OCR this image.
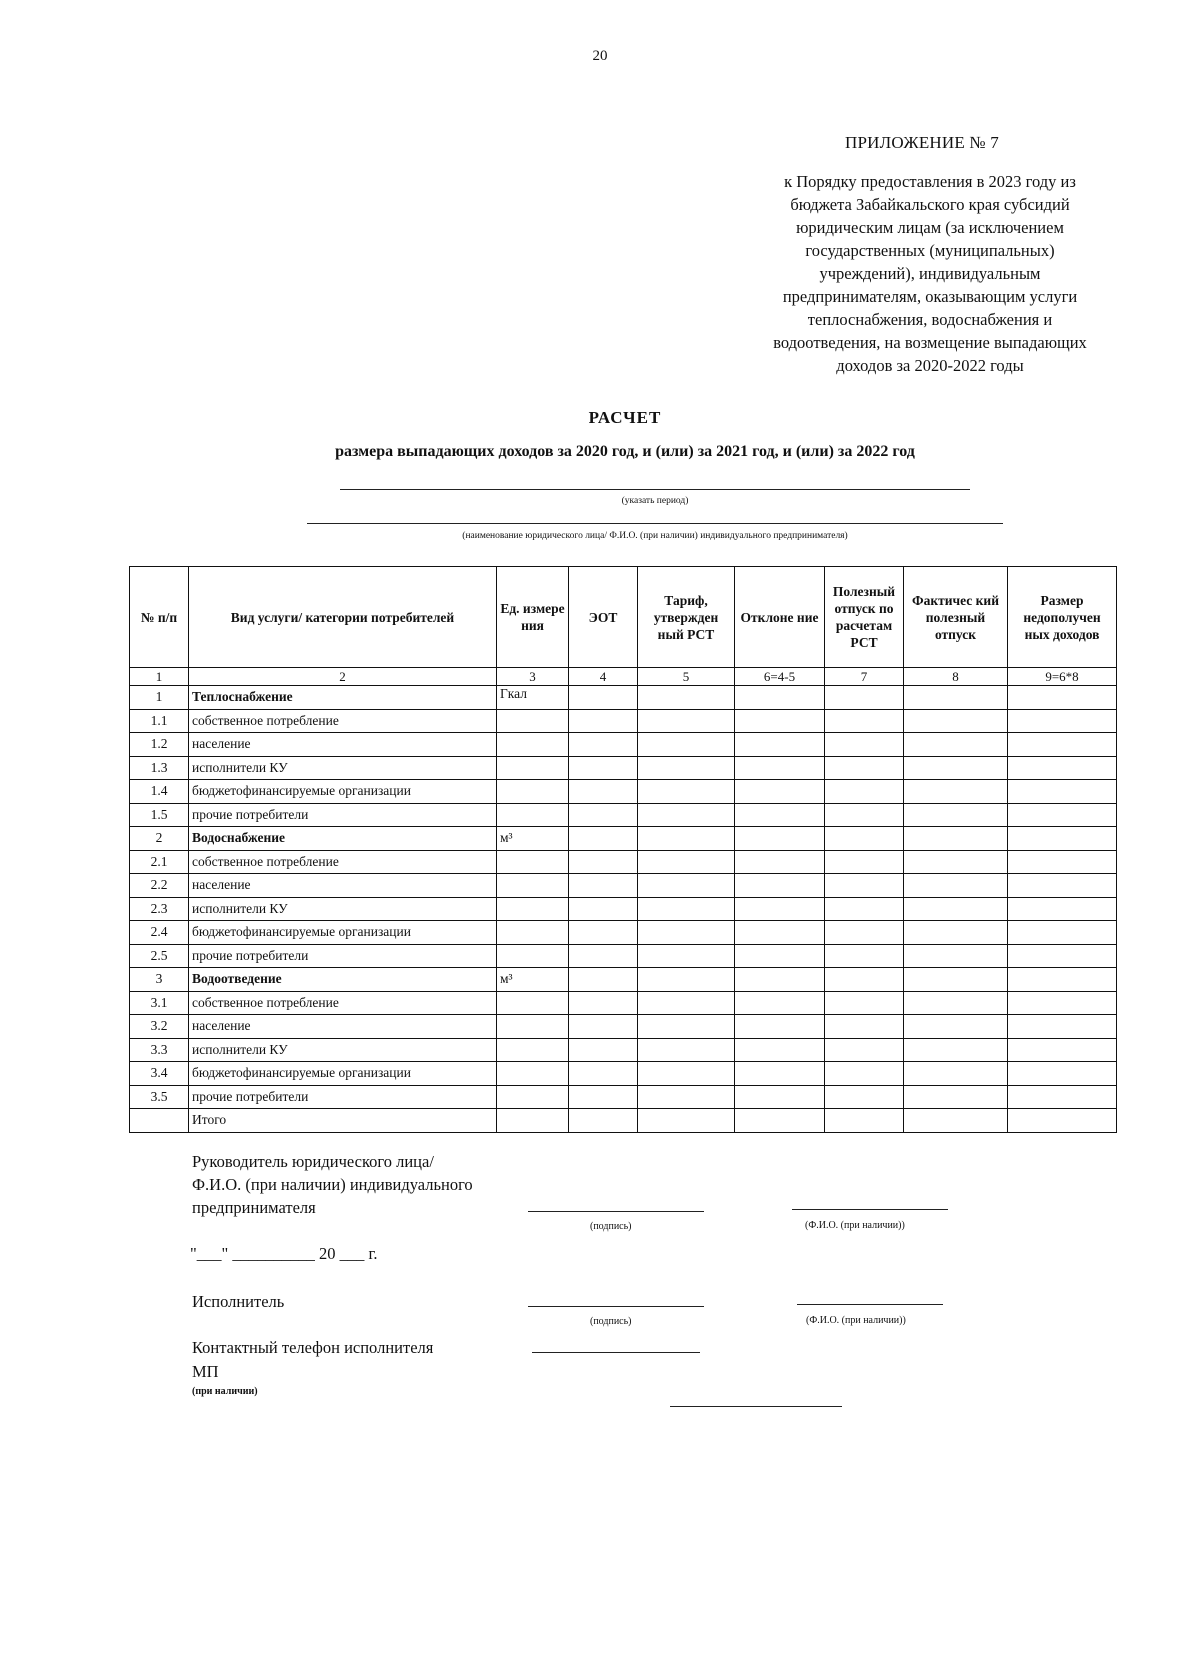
20
ПРИЛОЖЕНИЕ № 7
к Порядку предоставления в 2023 году из
бюджета Забайкальского края субсидий
юридическим лицам (за исключением
государственных (муниципальных)
учреждений), индивидуальным
предпринимателям, оказывающим услуги
теплоснабжения, водоснабжения и
водоотведения, на возмещение выпадающих
доходов за 2020-2022 годы
РАСЧЕТ
размера выпадающих доходов за 2020 год, и (или) за 2021 год, и (или) за 2022 год
(указать период)
(наименование юридического лица/ Ф.И.О. (при наличии) индивидуального предпринимателя)
№ п/п	Вид услуги/ категории потребителей	Ед. измере ния	ЭОТ	Тариф, утвержден ный РСТ	Отклоне ние	Полезный отпуск по расчетам РСТ	Фактичес кий полезный отпуск	Размер недополучен ных доходов
1	2	3	4	5	6=4-5	7	8	9=6*8
1	Теплоснабжение	Гкал						
1.1	собственное потребление							
1.2	население							
1.3	исполнители КУ							
1.4	бюджетофинансируемые организации							
1.5	прочие потребители							
2	Водоснабжение	м³						
2.1	собственное потребление							
2.2	население							
2.3	исполнители КУ							
2.4	бюджетофинансируемые организации							
2.5	прочие потребители							
3	Водоотведение	м³						
3.1	собственное потребление							
3.2	население							
3.3	исполнители КУ							
3.4	бюджетофинансируемые организации							
3.5	прочие потребители							
	Итого							
Руководитель юридического лица/
Ф.И.О. (при наличии) индивидуального
предпринимателя
(подпись)	(Ф.И.О. (при наличии))
"___" __________ 20 ___ г.
Исполнитель
(подпись)	(Ф.И.О. (при наличии))
Контактный телефон исполнителя
МП
(при наличии)
